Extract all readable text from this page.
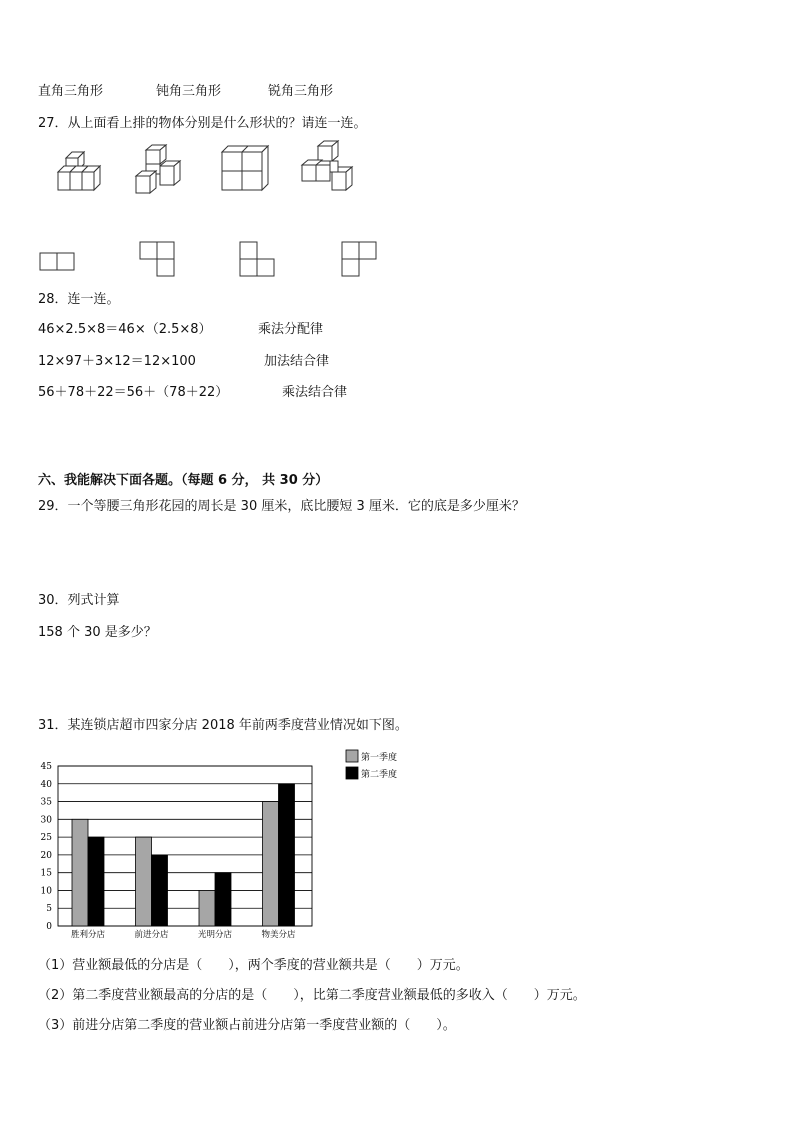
直角三角形	钝角三角形	锐角三角形
27．从上面看上排的物体分别是什么形状的？请连一连。
28．连一连。
46×2.5×8＝46×（2.5×8）	乘法分配律
12×97＋3×12＝12×100	加法结合律
56＋78＋22＝56＋（78＋22）	乘法结合律
六、我能解决下面各题。（每题 6 分， 共 30 分）
29．一个等腰三角形花园的周长是 30 厘米，底比腰短 3 厘米．它的底是多少厘米？
30．列式计算
158 个 30 是多少？
31．某连锁店超市四家分店 2018 年前两季度营业情况如下图。
0
5
10
15
20
25
30
35
40
45
胜利分店	前进分店	光明分店	物美分店
第一季度
第二季度
（1）营业额最低的分店是（　　），两个季度的营业额共是（　　）万元。
（2）第二季度营业额最高的分店的是（　　），比第二季度营业额最低的多收入（　　）万元。
（3）前进分店第二季度的营业额占前进分店第一季度营业额的（　　）。
